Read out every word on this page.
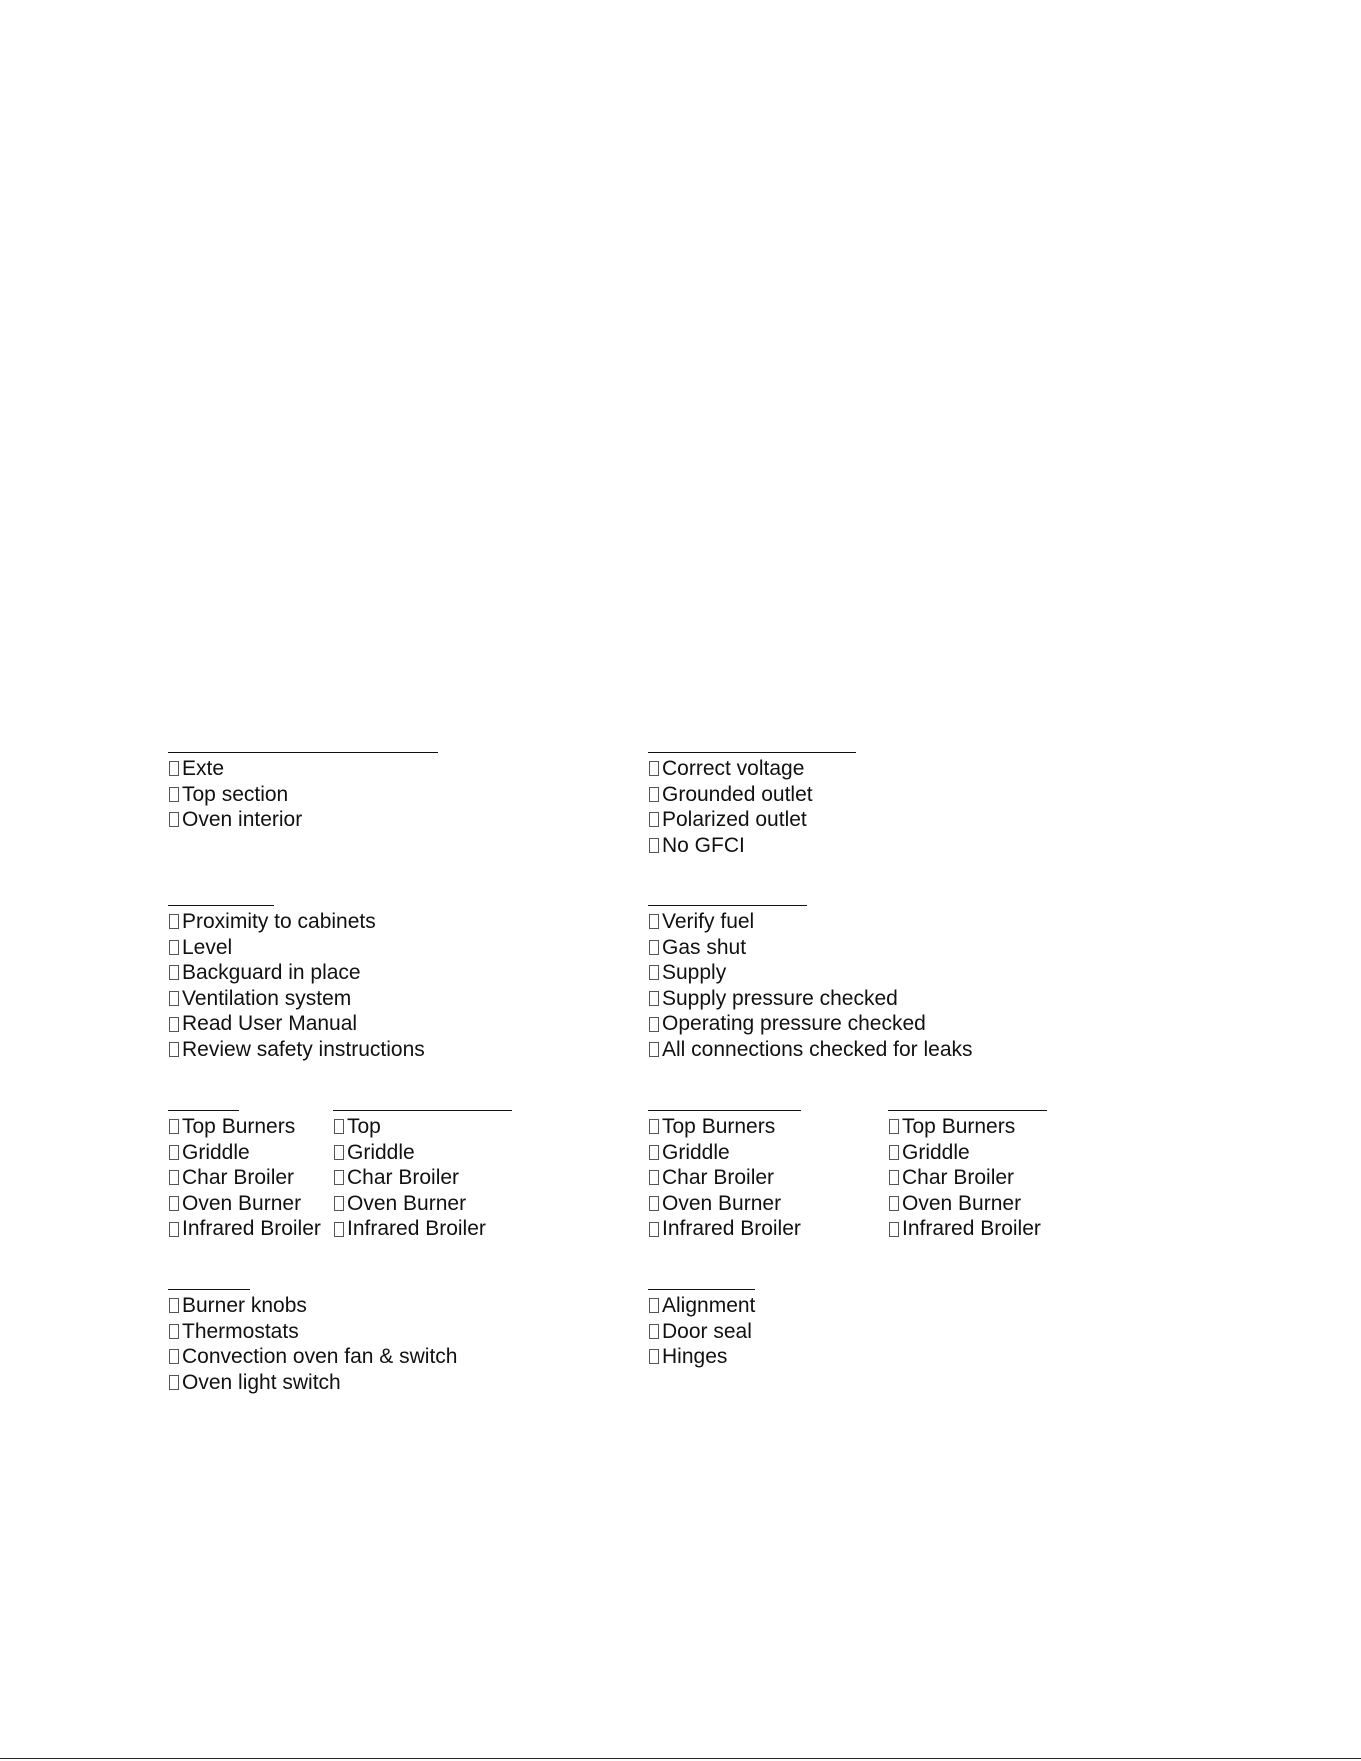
Exte
Top section
Oven interior
Correct voltage
Grounded outlet
Polarized outlet
No GFCI
Proximity to cabinets
Level
Backguard in place
Ventilation system
Read User Manual
Review safety instructions
Verify fuel
Gas shut
Supply
Supply pressure checked
Operating pressure checked
All connections checked for leaks
Top Burners
Griddle
Char Broiler
Oven Burner
Infrared Broiler
Top
Griddle
Char Broiler
Oven Burner
Infrared Broiler
Top Burners
Griddle
Char Broiler
Oven Burner
Infrared Broiler
Top Burners
Griddle
Char Broiler
Oven Burner
Infrared Broiler
Burner knobs
Thermostats
Convection oven fan & switch
Oven light switch
Alignment
Door seal
Hinges
